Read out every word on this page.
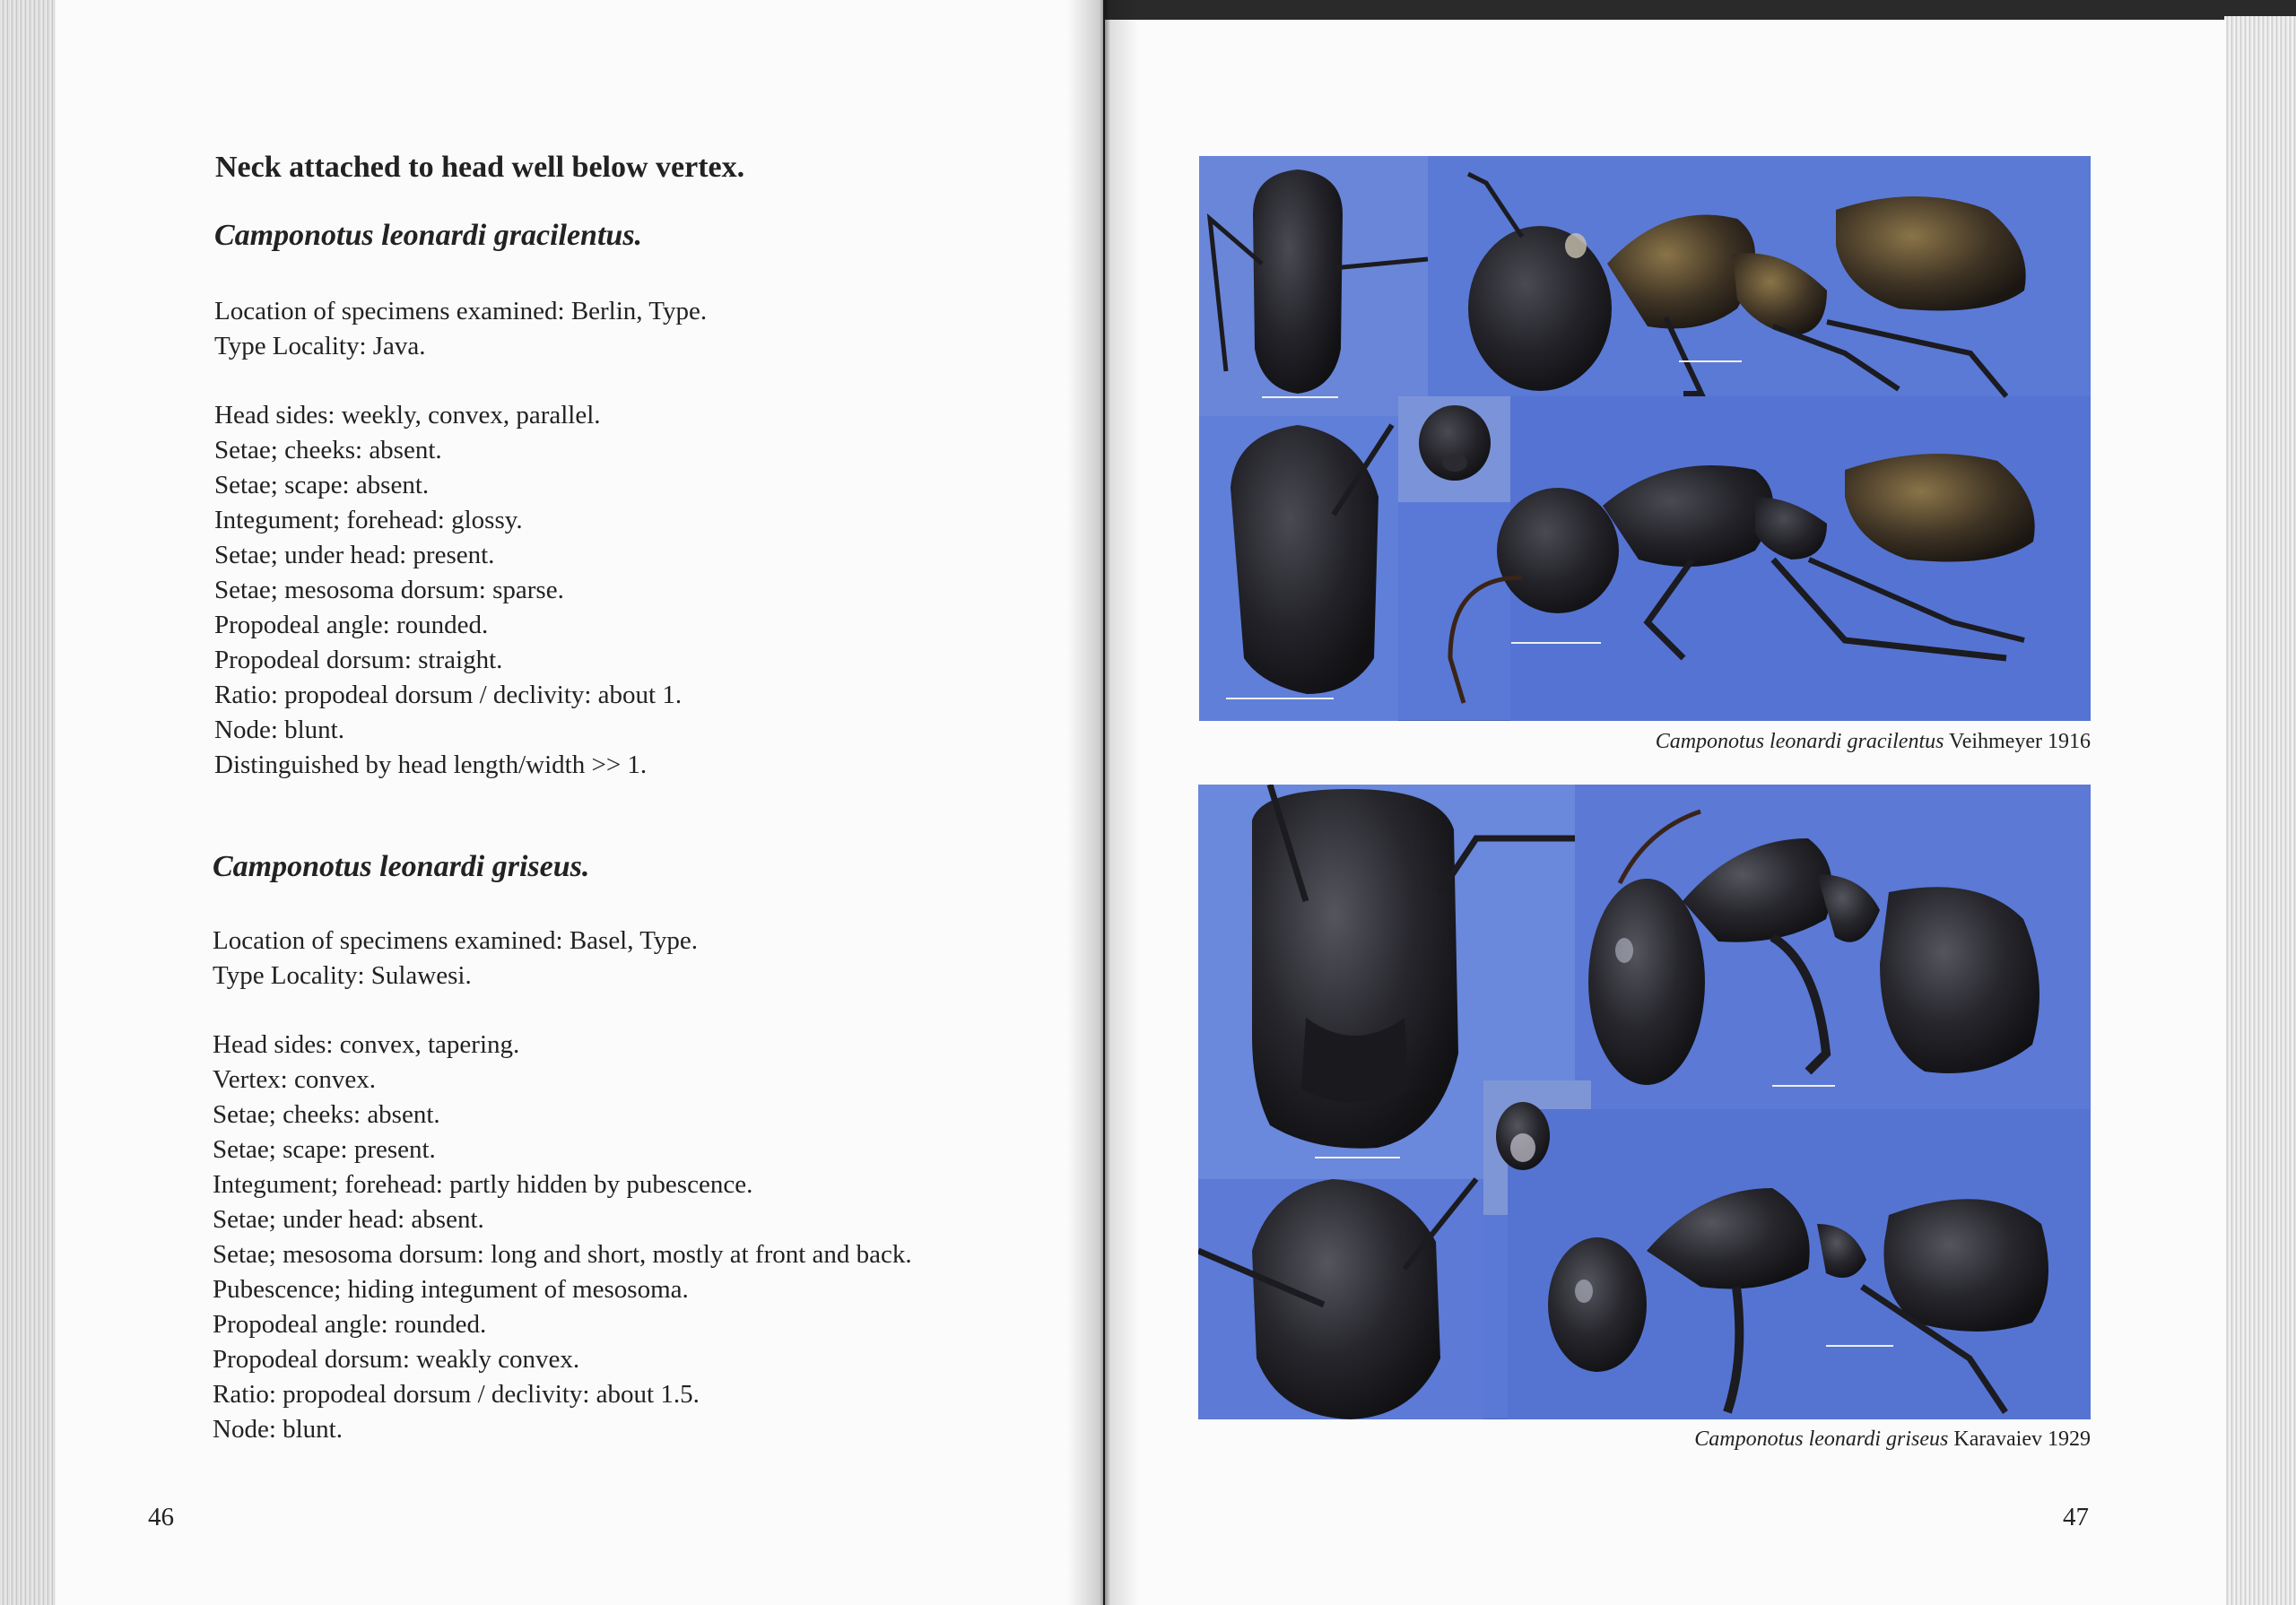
Neck attached to head well below vertex.
Camponotus leonardi gracilentus.
Location of specimens examined: Berlin, Type.
Type Locality: Java.
Head sides: weekly, convex, parallel.
Setae; cheeks: absent.
Setae; scape: absent.
Integument; forehead: glossy.
Setae; under head: present.
Setae; mesosoma dorsum: sparse.
Propodeal angle: rounded.
Propodeal dorsum: straight.
Ratio: propodeal dorsum / declivity: about 1.
Node: blunt.
Distinguished by head length/width >> 1.
Camponotus leonardi griseus.
Location of specimens examined: Basel, Type.
Type Locality: Sulawesi.
Head sides: convex, tapering.
Vertex: convex.
Setae; cheeks: absent.
Setae; scape: present.
Integument; forehead: partly hidden by pubescence.
Setae; under head: absent.
Setae; mesosoma dorsum: long and short, mostly at front and back.
Pubescence; hiding integument of mesosoma.
Propodeal angle: rounded.
Propodeal dorsum: weakly convex.
Ratio: propodeal dorsum / declivity: about 1.5.
Node: blunt.
46
Camponotus leonardi gracilentus Veihmeyer 1916
Camponotus leonardi griseus Karavaiev 1929
47
